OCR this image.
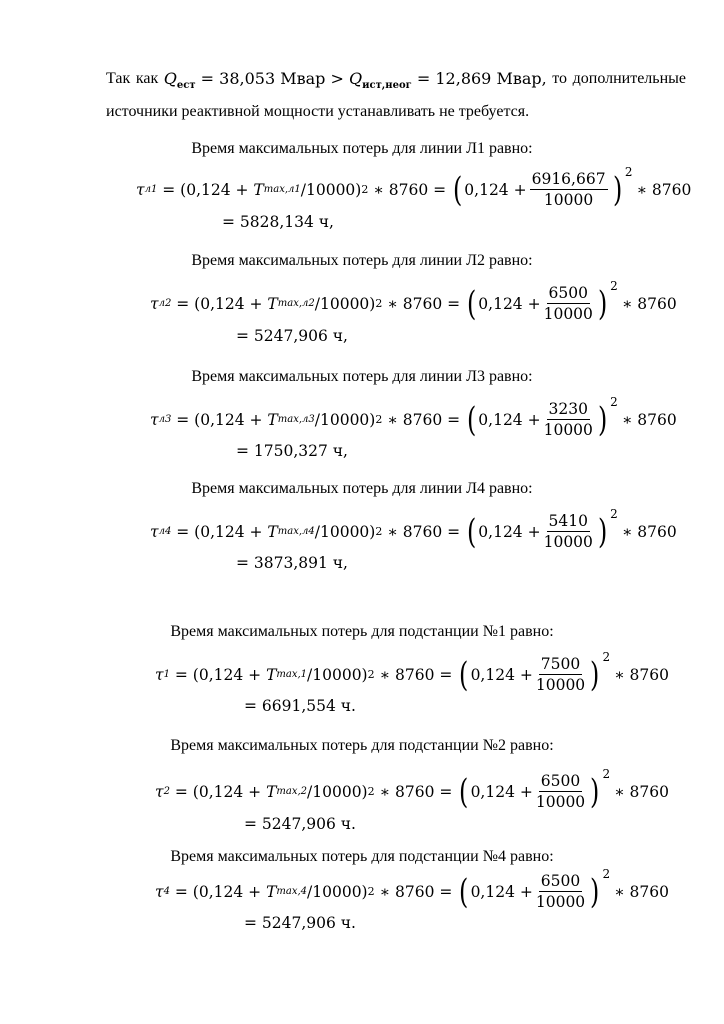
Так как $Q_{ест} = 38,053$ Мвар > $Q_{ист,неог} = 12,869$ Мвар, то дополнительные
источники реактивной мощности устанавливать не требуется.
Время максимальных потерь для линии Л1 равно:
τ л1 = (0,124 + T max,л1 /10000) 2 ∗ 8760 = ( $0,124 + \frac{6916,667}{10000}$ ) 2
∗ 8760
= 5828,134 ч,
Время максимальных потерь для линии Л2 равно:
τ л2 = (0,124 + T max,л2 /10000) 2 ∗ 8760 = ( $0,124 + \frac{6500}{10000}$ ) 2
∗ 8760
= 5247,906 ч,
Время максимальных потерь для линии Л3 равно:
τ л3 = (0,124 + T max,л3 /10000) 2 ∗ 8760 = ( $0,124 + \frac{3230}{10000}$ ) 2
∗ 8760
= 1750,327 ч,
Время максимальных потерь для линии Л4 равно:
τ л4 = (0,124 + T max,л4 /10000) 2 ∗ 8760 = ( $0,124 + \frac{5410}{10000}$ ) 2
∗ 8760
= 3873,891 ч,
Время максимальных потерь для подстанции №1 равно:
τ 1 = (0,124 + T max,1 /10000) 2 ∗ 8760 = ( $0,124 + \frac{7500}{10000}$ ) 2
∗ 8760
= 6691,554 ч.
Время максимальных потерь для подстанции №2 равно:
τ 2 = (0,124 + T max,2 /10000) 2 ∗ 8760 = ( $0,124 + \frac{6500}{10000}$ ) 2
∗ 8760
= 5247,906 ч.
Время максимальных потерь для подстанции №4 равно:
τ 4 = (0,124 + T max,4 /10000) 2 ∗ 8760 = ( $0,124 + \frac{6500}{10000}$ ) 2
∗ 8760
= 5247,906 ч.
